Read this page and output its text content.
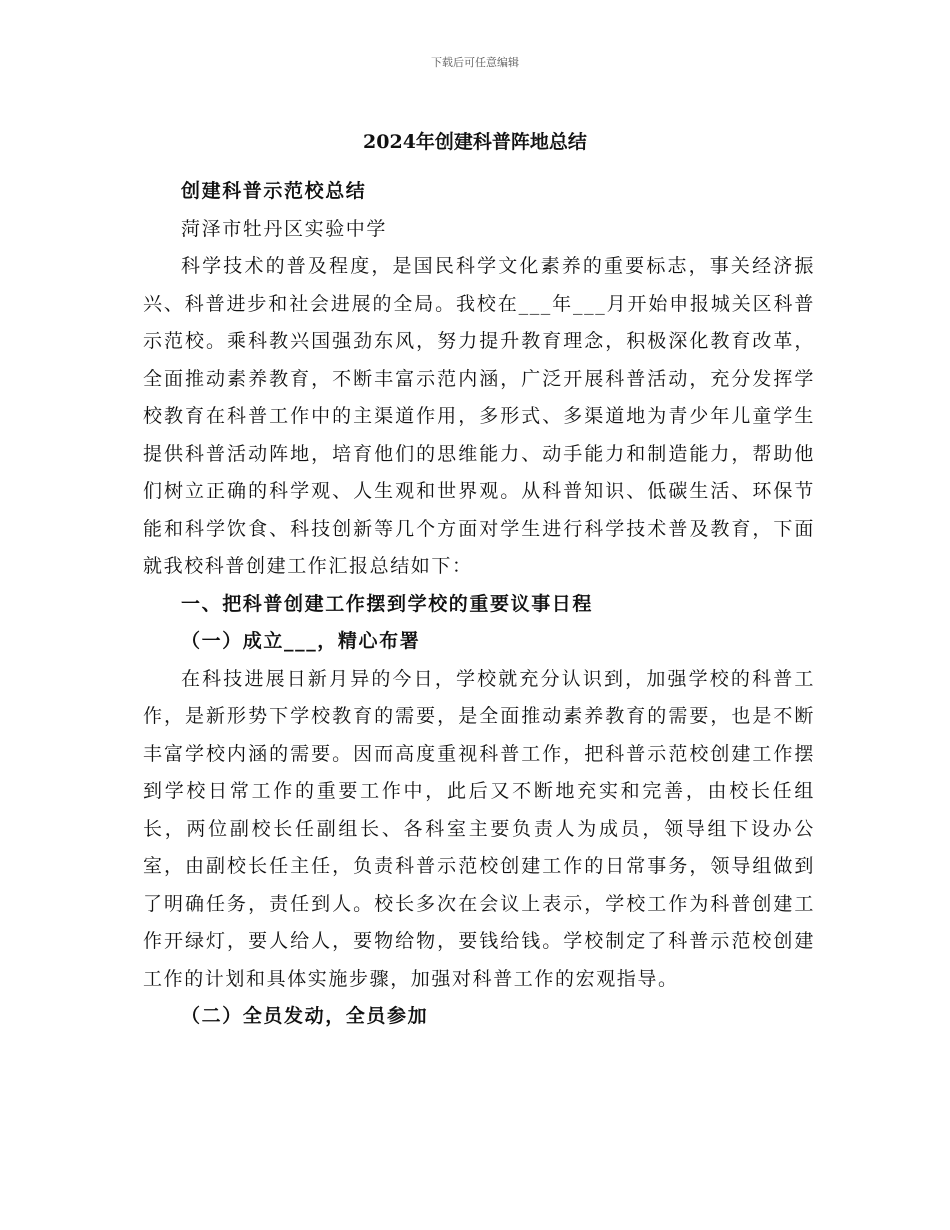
下载后可任意编辑
2024年创建科普阵地总结

创建科普示范校总结

菏泽市牡丹区实验中学

科学技术的普及程度，是国民科学文化素养的重要标志，事关经济振兴、科普进步和社会进展的全局。我校在___年___月开始申报城关区科普示范校。乘科教兴国强劲东风，努力提升教育理念，积极深化教育改革，全面推动素养教育，不断丰富示范内涵，广泛开展科普活动，充分发挥学校教育在科普工作中的主渠道作用，多形式、多渠道地为青少年儿童学生提供科普活动阵地，培育他们的思维能力、动手能力和制造能力，帮助他们树立正确的科学观、人生观和世界观。从科普知识、低碳生活、环保节能和科学饮食、科技创新等几个方面对学生进行科学技术普及教育，下面就我校科普创建工作汇报总结如下：

一、把科普创建工作摆到学校的重要议事日程

（一）成立___，精心布署

在科技进展日新月异的今日，学校就充分认识到，加强学校的科普工作，是新形势下学校教育的需要，是全面推动素养教育的需要，也是不断丰富学校内涵的需要。因而高度重视科普工作，把科普示范校创建工作摆到学校日常工作的重要工作中，此后又不断地充实和完善，由校长任组长，两位副校长任副组长、各科室主要负责人为成员，领导组下设办公室，由副校长任主任，负责科普示范校创建工作的日常事务，领导组做到了明确任务，责任到人。校长多次在会议上表示，学校工作为科普创建工作开绿灯，要人给人，要物给物，要钱给钱。学校制定了科普示范校创建工作的计划和具体实施步骤，加强对科普工作的宏观指导。

（二）全员发动，全员参加
